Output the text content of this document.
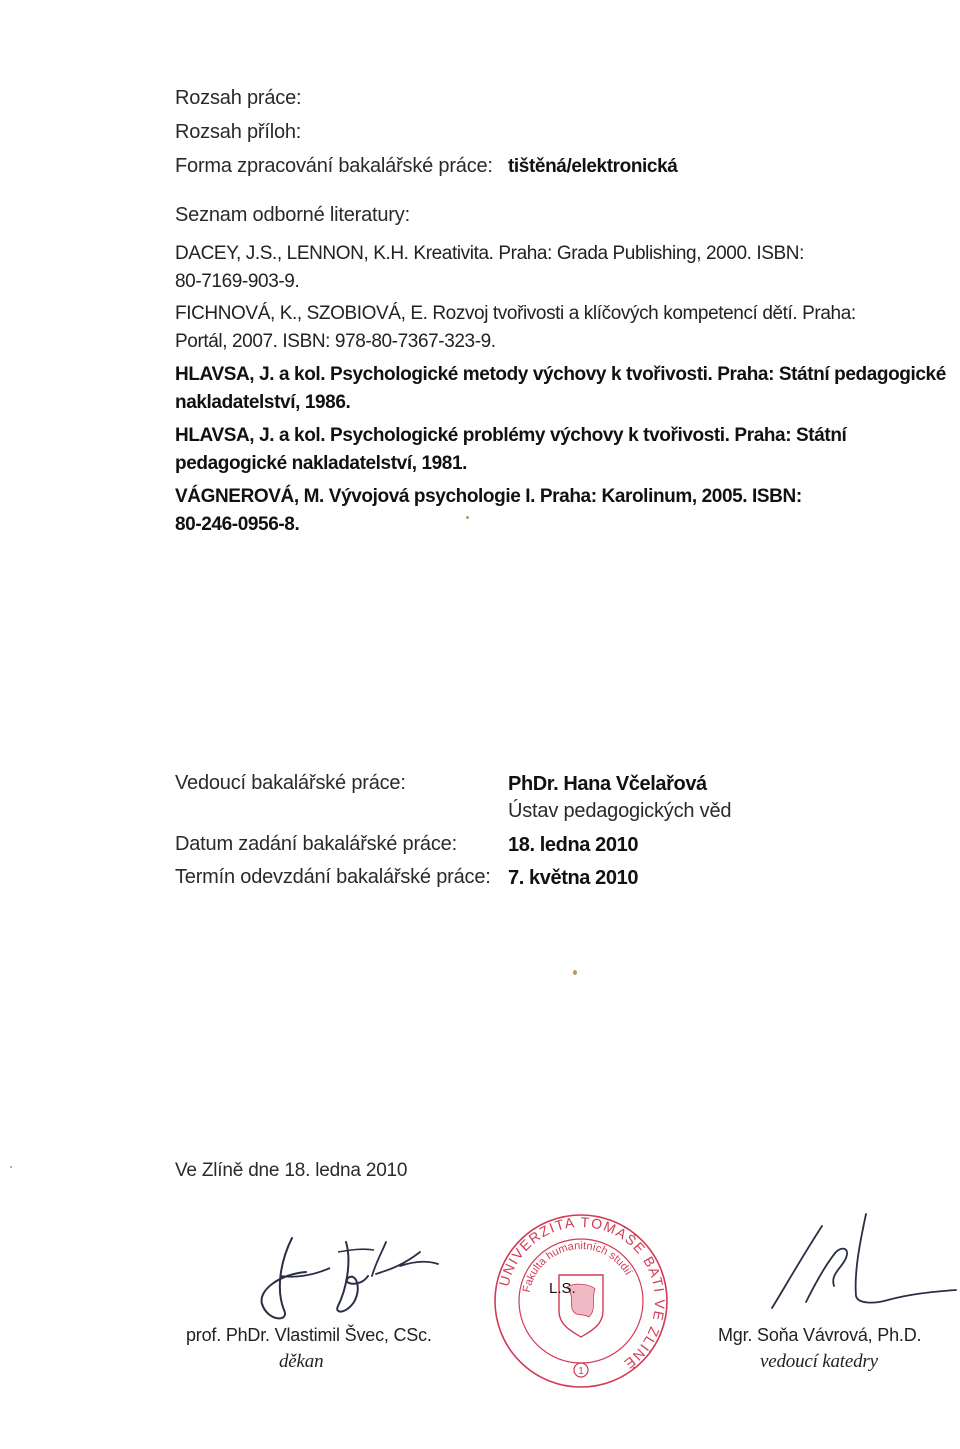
Rozsah práce:
Rozsah příloh:
Forma zpracování bakalářské práce: tištěná/elektronická
Seznam odborné literatury:
DACEY, J.S., LENNON, K.H. Kreativita. Praha: Grada Publishing, 2000. ISBN:
80-7169-903-9.
FICHNOVÁ, K., SZOBIOVÁ, E. Rozvoj tvořivosti a klíčových kompetencí dětí. Praha:
Portál, 2007. ISBN: 978-80-7367-323-9.
HLAVSA, J. a kol. Psychologické metody výchovy k tvořivosti. Praha: Státní pedagogické
nakladatelství, 1986.
HLAVSA, J. a kol. Psychologické problémy výchovy k tvořivosti. Praha: Státní
pedagogické nakladatelství, 1981.
VÁGNEROVÁ, M. Vývojová psychologie I. Praha: Karolinum, 2005. ISBN:
80-246-0956-8.
Vedoucí bakalářské práce:	PhDr. Hana Včelařová
Ústav pedagogických věd
Datum zadání bakalářské práce:	18. ledna 2010
Termín odevzdání bakalářské práce: 7. května 2010
Ve Zlíně dne 18. ledna 2010
prof. PhDr. Vlastimil Švec, CSc.
děkan
Mgr. Soňa Vávrová, Ph.D.
vedoucí katedry
UNIVERZITA TOMÁŠE BATI VE ZLÍNĚ
Fakulta humanitních studií
L.S.
1
